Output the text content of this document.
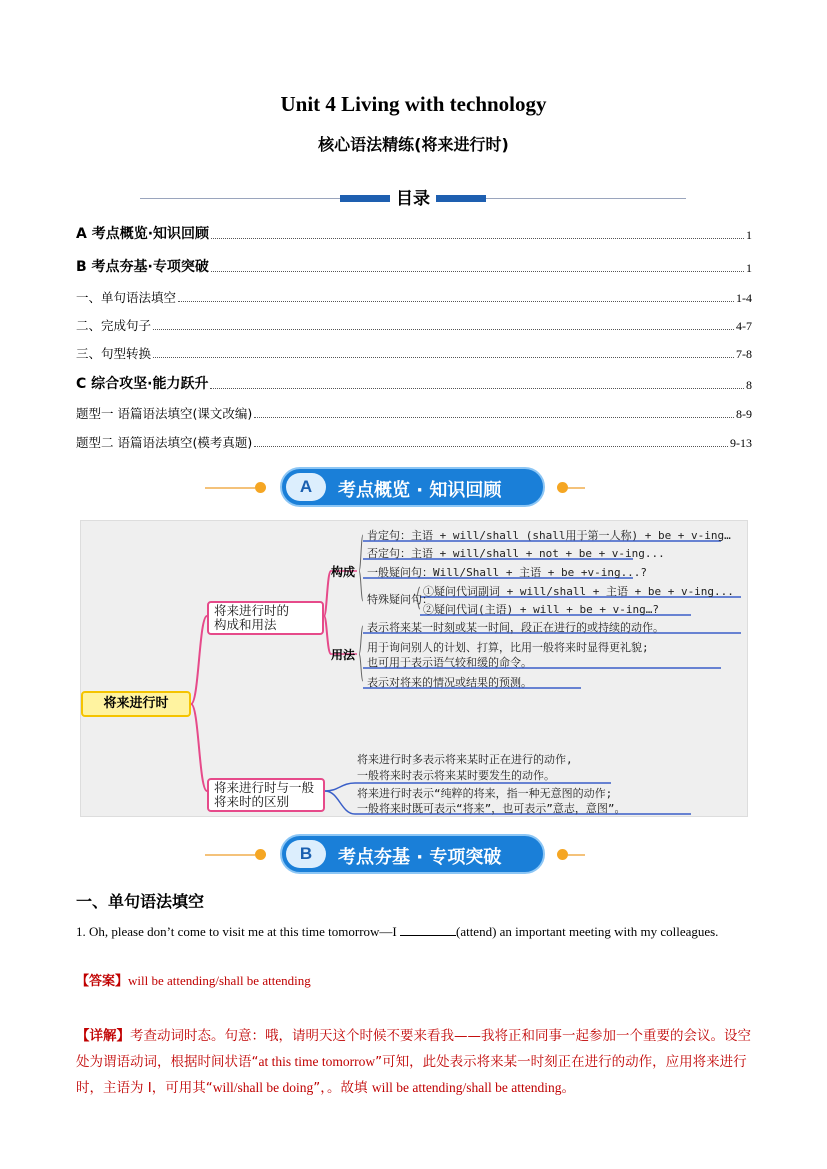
Unit 4 Living with technology
核心语法精练(将来进行时)
目录
A 考点概览·知识回顾	1
B 考点夯基·专项突破	1
一、单句语法填空	1-4
二、完成句子	4-7
三、句型转换	7-8
C 综合攻坚·能力跃升	8
题型一 语篇语法填空(课文改编)	8-9
题型二 语篇语法填空(模考真题)	9-13
A	考点概览 · 知识回顾
将来进行时
将来进行时的
构成和用法
构成
用法
肯定句：主语 + will/shall (shall用于第一人称) + be + v-ing…
否定句：主语 + will/shall + not + be + v-ing...
一般疑问句：Will/Shall + 主语 + be +v-ing...?
特殊疑问句：
①疑问代词副词 + will/shall + 主语 + be + v-ing...
②疑问代词(主语) + will + be + v-ing…?
表示将来某一时刻或某一时间，段正在进行的或持续的动作。
用于询问别人的计划、打算，比用一般将来时显得更礼貌;
也可用于表示语气较和缓的命令。
表示对将来的情况或结果的预测。
将来进行时与一般
将来时的区别
将来进行时多表示将来某时正在进行的动作,
一般将来时表示将来某时要发生的动作。
将来进行时表示“纯粹的将来，指一种无意图的动作;
一般将来时既可表示“将来”，也可表示”意志，意图”。
B	考点夯基 · 专项突破
一、单句语法填空
1. Oh, please don’t come to visit me at this time tomorrow—I	(attend) an important meeting with my colleagues.
【答案】will be attending/shall be attending
【详解】考查动词时态。句意：哦，请明天这个时候不要来看我——我将正和同事一起参加一个重要的会议。设空处为谓语动词，根据时间状语“at this time tomorrow”可知，此处表示将来某一时刻正在进行的动作，应用将来进行时，主语为 I，可用其“will/shall be doing”，。故填 will be attending/shall be attending。
